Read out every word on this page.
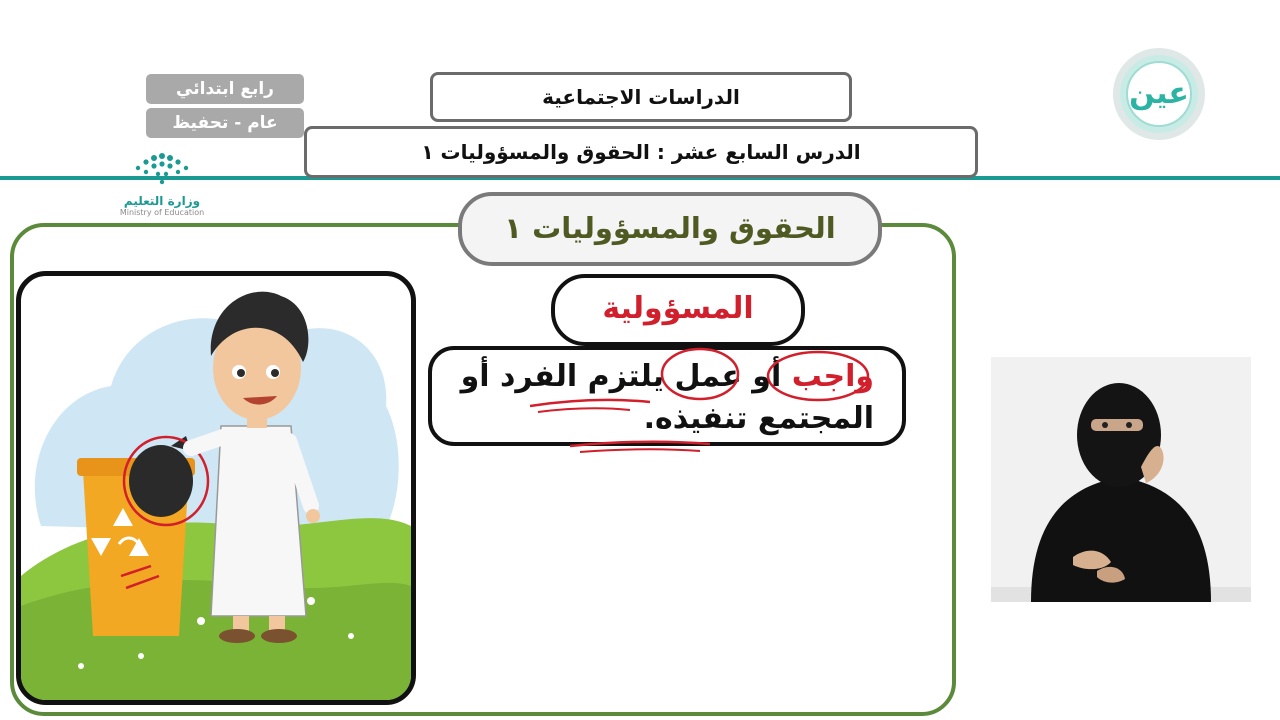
رابع ابتدائي
عام - تحفيظ
وزارة التعليم
Ministry of Education
الدراسات الاجتماعية
الدرس السابع عشر : الحقوق والمسؤوليات ١
عين
الحقوق والمسؤوليات ١
المسؤولية
واجب أو عمل يلتزم الفرد أو
المجتمع تنفيذه.
